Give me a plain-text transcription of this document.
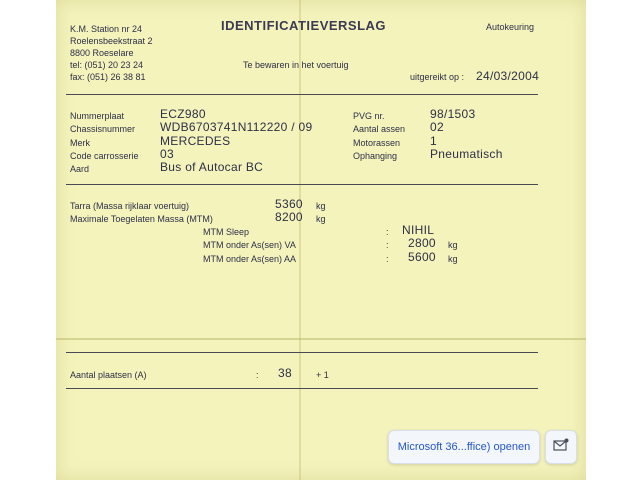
K.M. Station nr 24
Roelensbeekstraat 2
8800 Roeselare
tel: (051) 20 23 24
fax: (051) 26 38 81
IDENTIFICATIEVERSLAG
Te bewaren in het voertuig
Autokeuring
uitgereikt op : 24/03/2004
Nummerplaat	ECZ980
Chassisnummer WDB6703741N112220 / 09
Merk	MERCEDES
Code carrosserie 03
Aard	Bus of Autocar BC
PVG nr.	98/1503
Aantal assen 02
Motorassen 1
Ophanging	Pneumatisch
Tarra (Massa rijklaar voertuig)	5360 kg
Maximale Toegelaten Massa (MTM)	8200 kg
MTM Sleep	: NIHIL
MTM onder As(sen) VA	: 2800 kg
MTM onder As(sen) AA	: 5600 kg
Aantal plaatsen (A)	: 38	+ 1
Microsoft 36...ffice) openen
